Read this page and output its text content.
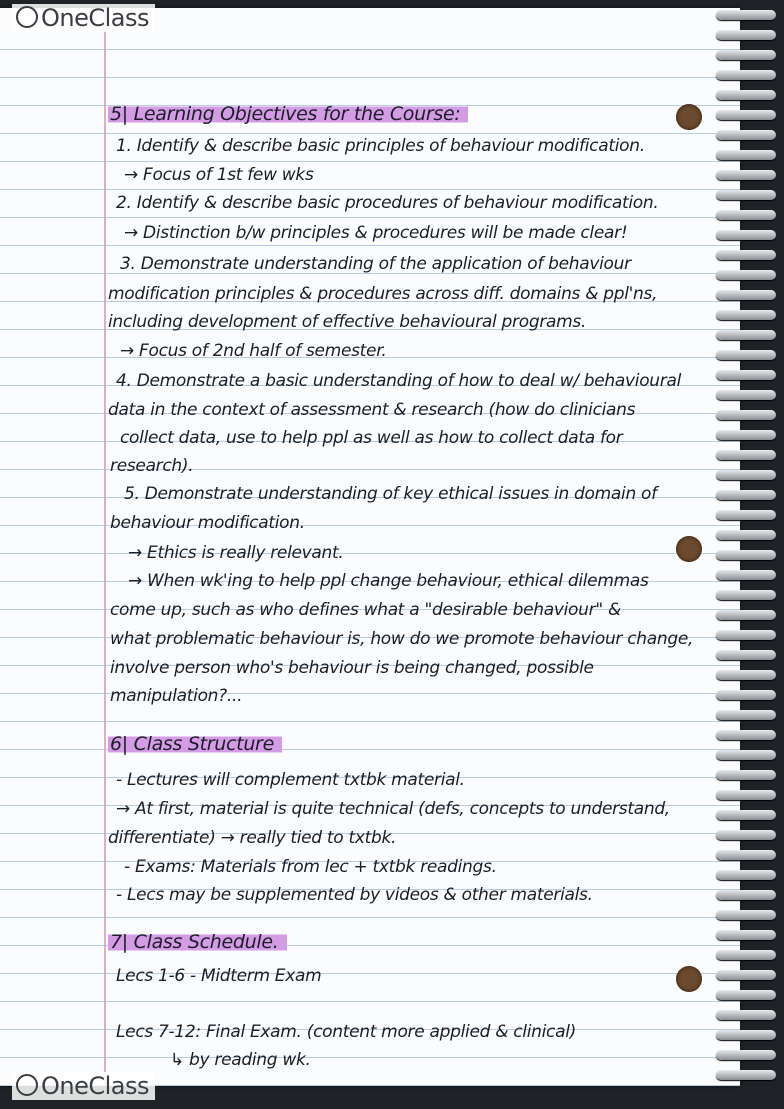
5| Learning Objectives for the Course:
1. Identify & describe basic principles of behaviour modification.
→ Focus of 1st few wks
2. Identify & describe basic procedures of behaviour modification.
→ Distinction b/w principles & procedures will be made clear!
3. Demonstrate understanding of the application of behaviour
modification principles & procedures across diff. domains & ppl'ns,
including development of effective behavioural programs.
→ Focus of 2nd half of semester.
4. Demonstrate a basic understanding of how to deal w/ behavioural
data in the context of assessment & research (how do clinicians
collect data, use to help ppl as well as how to collect data for
research).
5. Demonstrate understanding of key ethical issues in domain of
behaviour modification.
→ Ethics is really relevant.
→ When wk'ing to help ppl change behaviour, ethical dilemmas
come up, such as who defines what a "desirable behaviour" &
what problematic behaviour is, how do we promote behaviour change,
involve person who's behaviour is being changed, possible
manipulation?...
6| Class Structure
- Lectures will complement txtbk material.
→ At first, material is quite technical (defs, concepts to understand,
differentiate) → really tied to txtbk.
- Exams: Materials from lec + txtbk readings.
- Lecs may be supplemented by videos & other materials.
7| Class Schedule.
Lecs 1-6 - Midterm Exam
Lecs 7-12: Final Exam. (content more applied & clinical)
↳ by reading wk.
OneClass
OneClass
